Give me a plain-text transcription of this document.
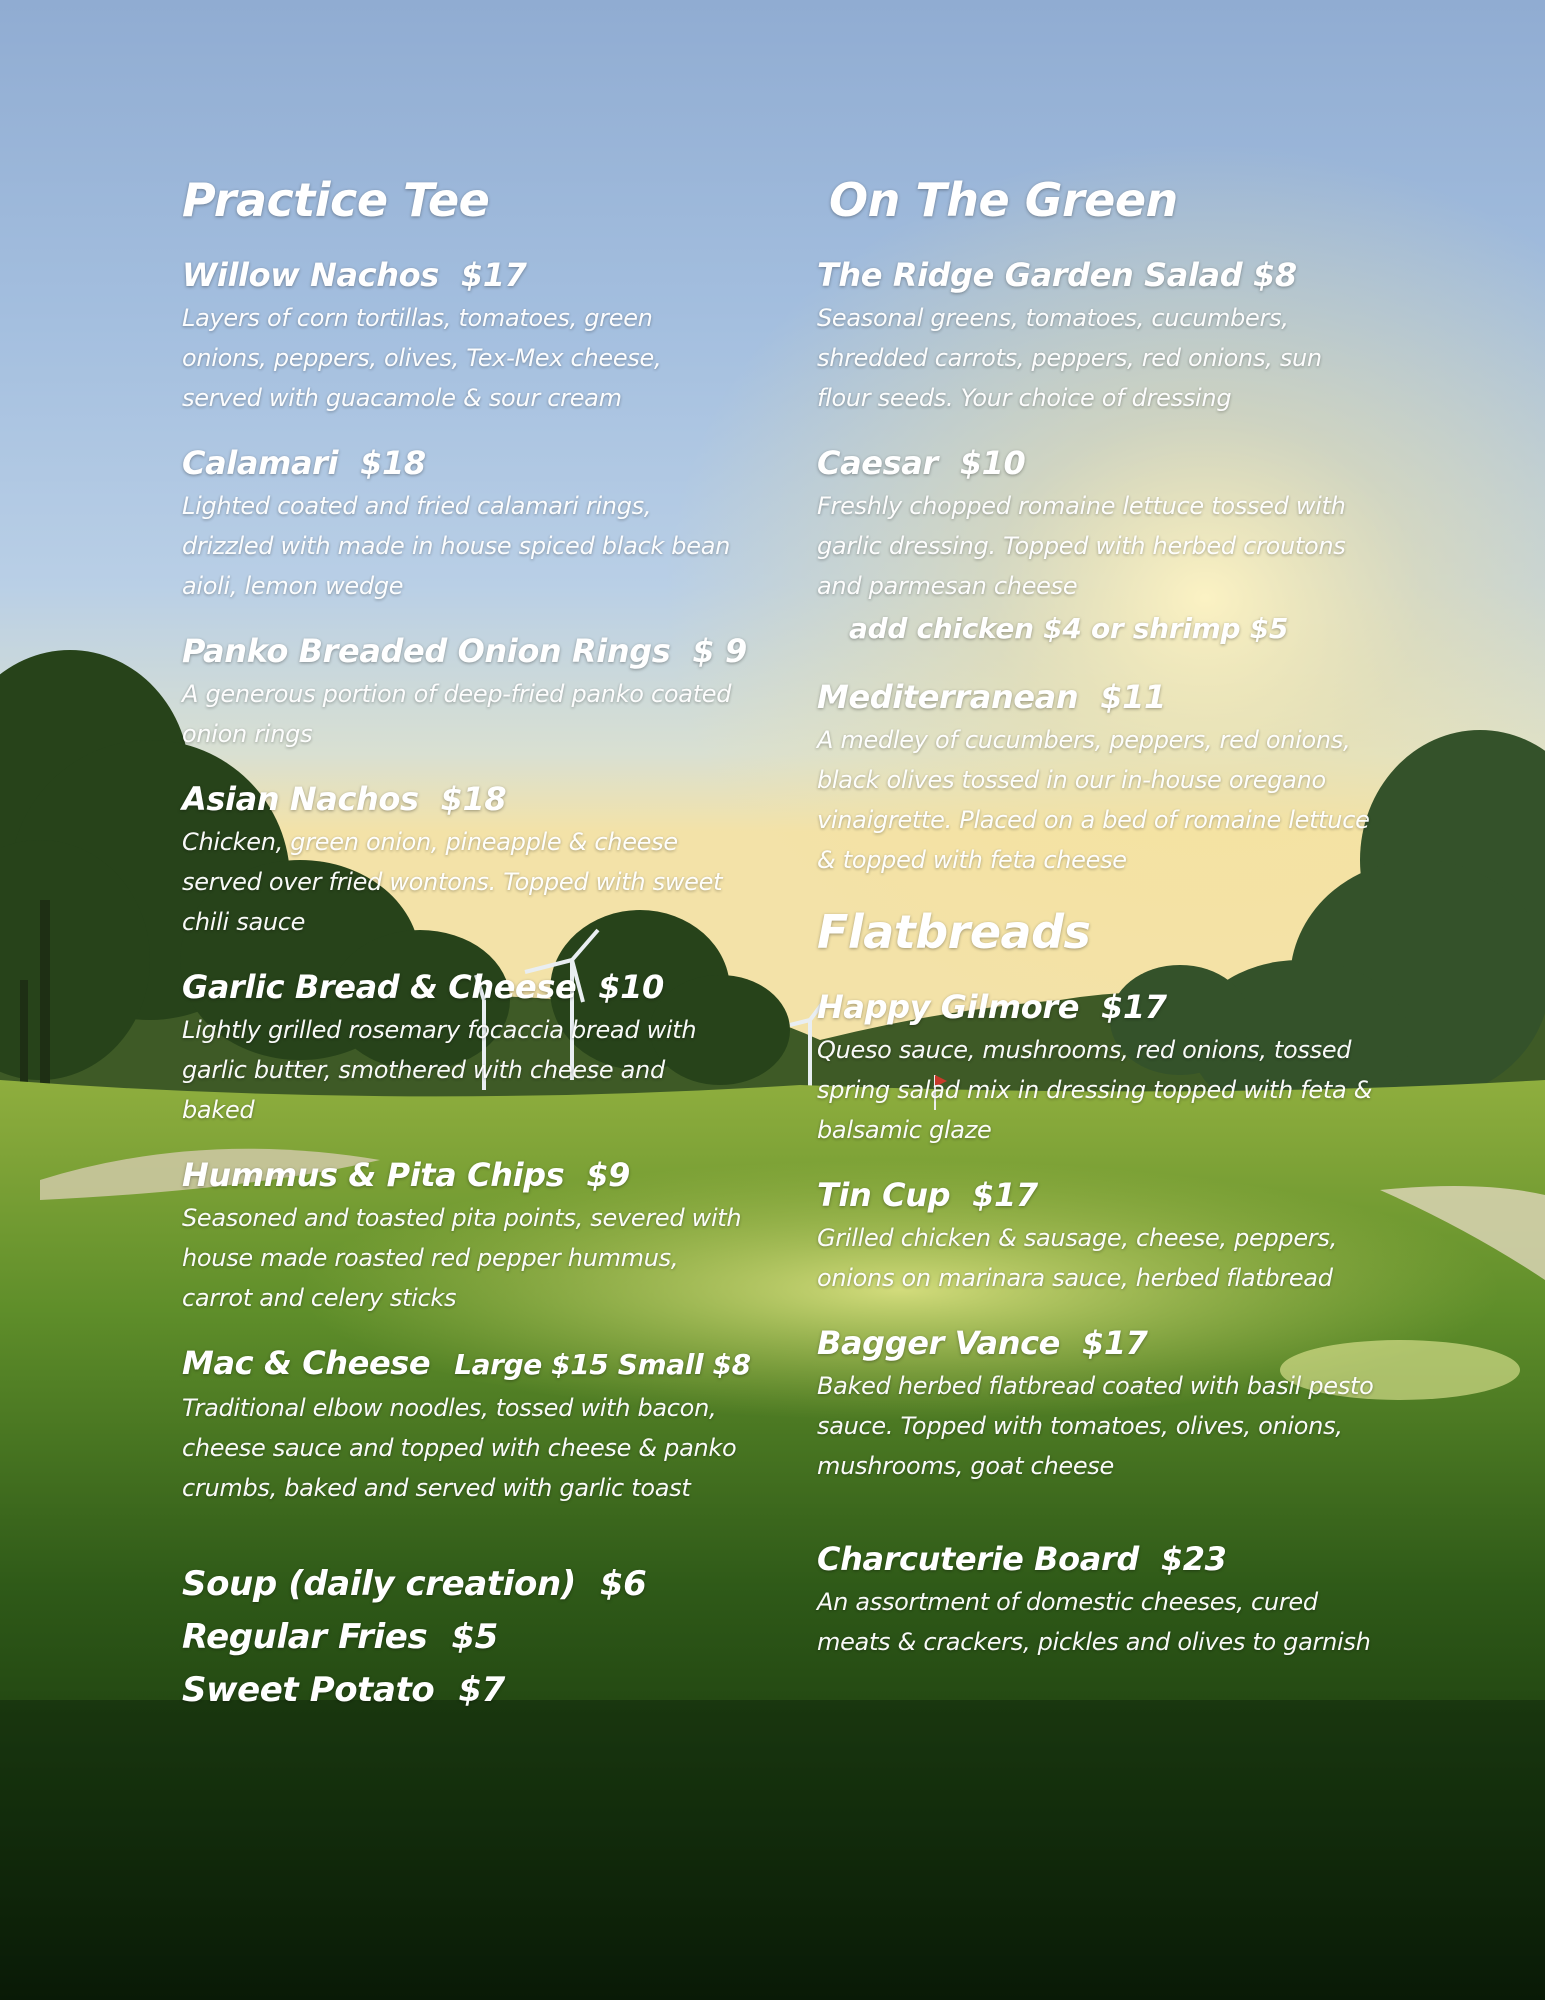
Practice Tee
Willow Nachos $17
Layers of corn tortillas, tomatoes, green onions, peppers, olives, Tex-Mex cheese, served with guacamole & sour cream
Calamari $18
Lighted coated and fried calamari rings, drizzled with made in house spiced black bean aioli, lemon wedge
Panko Breaded Onion Rings $ 9
A generous portion of deep-fried panko coated onion rings
Asian Nachos $18
Chicken, green onion, pineapple & cheese served over fried wontons. Topped with sweet chili sauce
Garlic Bread & Cheese $10
Lightly grilled rosemary focaccia bread with garlic butter, smothered with cheese and baked
Hummus & Pita Chips $9
Seasoned and toasted pita points, severed with house made roasted red pepper hummus, carrot and celery sticks
Mac & Cheese Large $15 Small $8
Traditional elbow noodles, tossed with bacon, cheese sauce and topped with cheese & panko crumbs, baked and served with garlic toast
Soup (daily creation) $6
Regular Fries $5
Sweet Potato $7
On The Green
The Ridge Garden Salad $8
Seasonal greens, tomatoes, cucumbers, shredded carrots, peppers, red onions, sun flour seeds. Your choice of dressing
Caesar $10
Freshly chopped romaine lettuce tossed with garlic dressing. Topped with herbed croutons and parmesan cheese
add chicken $4 or shrimp $5
Mediterranean $11
A medley of cucumbers, peppers, red onions, black olives tossed in our in-house oregano vinaigrette. Placed on a bed of romaine lettuce & topped with feta cheese
Flatbreads
Happy Gilmore $17
Queso sauce, mushrooms, red onions, tossed spring salad mix in dressing topped with feta & balsamic glaze
Tin Cup $17
Grilled chicken & sausage, cheese, peppers, onions on marinara sauce, herbed flatbread
Bagger Vance $17
Baked herbed flatbread coated with basil pesto sauce. Topped with tomatoes, olives, onions, mushrooms, goat cheese
Charcuterie Board $23
An assortment of domestic cheeses, cured meats & crackers, pickles and olives to garnish
